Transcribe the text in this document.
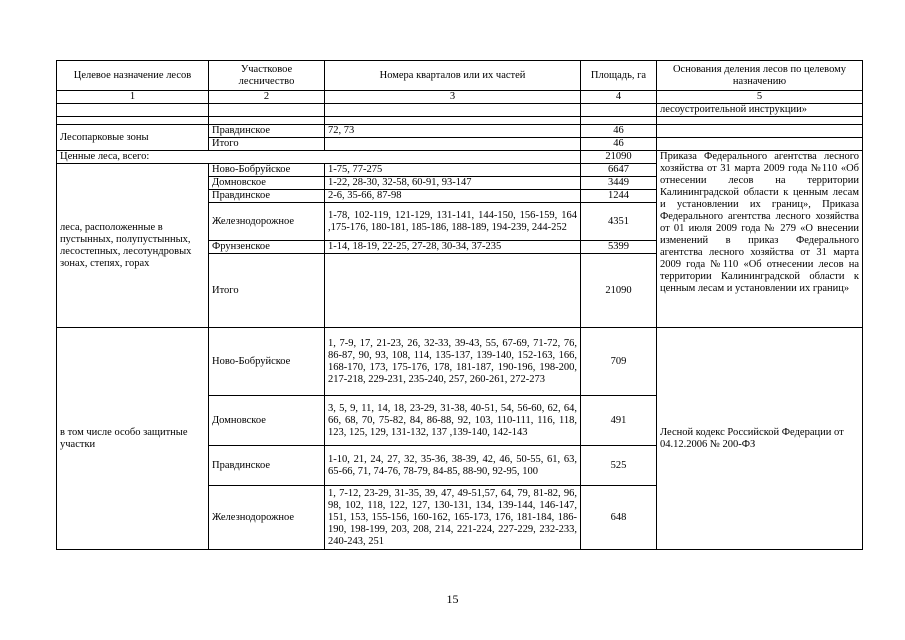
Целевое назначение лесов	Участковое лесничество	Номера кварталов или их частей	Площадь, га	Основания деления лесов по целевому назначению
1	2	3	4	5
				лесоустроительной инструкции»

Лесопарковые зоны	Правдинское	72, 73	46	
	Итого		46	
Ценные леса, всего:			21090	Приказа Федерального агентства лесного хозяйства от 31 марта 2009 года №110 «Об отнесении лесов на территории Калининградской области к ценным лесам и установлении их границ», Приказа Федерального агентства лесного хозяйства от 01 июля 2009 года № 279 «О внесении изменений в приказ Федерального агентства лесного хозяйства от 31 марта 2009 года №110 «Об отнесении лесов на территории Калининградской области к ценным лесам и установлении их границ»
леса, расположенные в пустынных, полупустынных, лесостепных, лесотундровых зонах, степях, горах	Ново-Бобруйское	1-75, 77-275	6647	
	Домновское	1-22, 28-30, 32-58, 60-91, 93-147	3449	
	Правдинское	2-6, 35-66, 87-98	1244	
	Железнодорожное	1-78, 102-119, 121-129, 131-141, 144-150, 156-159, 164 ,175-176, 180-181, 185-186, 188-189, 194-239, 244-252	4351	
	Фрунзенское	1-14, 18-19, 22-25, 27-28, 30-34, 37-235	5399	
	Итого		21090	
в том числе особо защитные участки	Ново-Бобруйское	1, 7-9, 17, 21-23, 26, 32-33, 39-43, 55, 67-69, 71-72, 76, 86-87, 90, 93, 108, 114, 135-137, 139-140, 152-163, 166, 168-170, 173, 175-176, 178, 181-187, 190-196, 198-200, 217-218, 229-231, 235-240, 257, 260-261, 272-273	709	Лесной кодекс Российской Федерации от 04.12.2006 № 200-ФЗ
	Домновское	3, 5, 9, 11, 14, 18, 23-29, 31-38, 40-51, 54, 56-60, 62, 64, 66, 68, 70, 75-82, 84, 86-88, 92, 103, 110-111, 116, 118, 123, 125, 129, 131-132, 137 ,139-140, 142-143	491	
	Правдинское	1-10, 21, 24, 27, 32, 35-36, 38-39, 42, 46, 50-55, 61, 63, 65-66, 71, 74-76, 78-79, 84-85, 88-90, 92-95, 100	525	
	Железнодорожное	1, 7-12, 23-29, 31-35, 39, 47, 49-51,57, 64, 79, 81-82, 96, 98, 102, 118, 122, 127, 130-131, 134, 139-144, 146-147, 151, 153, 155-156, 160-162, 165-173, 176, 181-184, 186-190, 198-199, 203, 208, 214, 221-224, 227-229, 232-233, 240-243, 251	648	
15
